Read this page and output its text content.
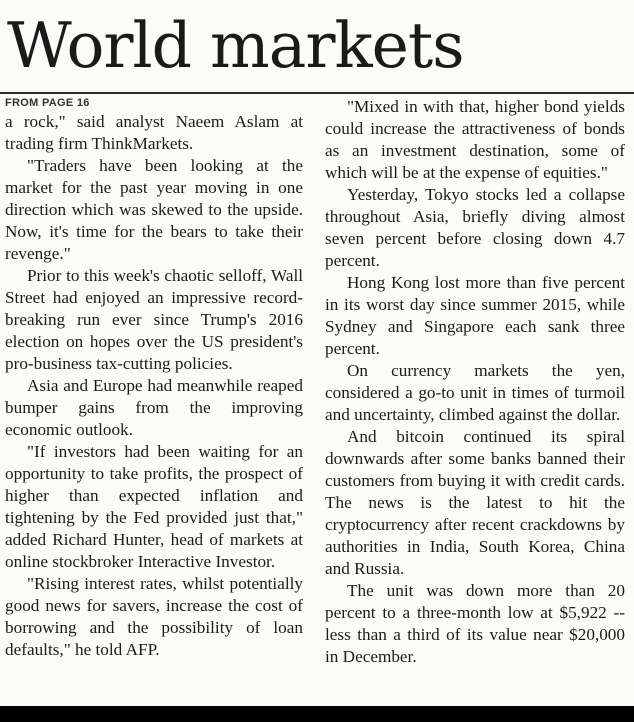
World markets
FROM PAGE 16

a rock," said analyst Naeem Aslam at trading firm ThinkMarkets.

"Traders have been looking at the market for the past year moving in one direction which was skewed to the upside. Now, it's time for the bears to take their revenge."

Prior to this week's chaotic selloff, Wall Street had enjoyed an impressive record-breaking run ever since Trump's 2016 election on hopes over the US president's pro-business tax-cutting policies.

Asia and Europe had meanwhile reaped bumper gains from the improving economic outlook.

"If investors had been waiting for an opportunity to take profits, the prospect of higher than expected inflation and tightening by the Fed provided just that," added Richard Hunter, head of markets at online stockbroker Interactive Investor.

"Rising interest rates, whilst potentially good news for savers, increase the cost of borrowing and the possibility of loan defaults," he told AFP.

"Mixed in with that, higher bond yields could increase the attractiveness of bonds as an investment destination, some of which will be at the expense of equities."

Yesterday, Tokyo stocks led a collapse throughout Asia, briefly diving almost seven percent before closing down 4.7 percent.

Hong Kong lost more than five percent in its worst day since summer 2015, while Sydney and Singapore each sank three percent.

On currency markets the yen, considered a go-to unit in times of turmoil and uncertainty, climbed against the dollar.

And bitcoin continued its spiral downwards after some banks banned their customers from buying it with credit cards. The news is the latest to hit the cryptocurrency after recent crackdowns by authorities in India, South Korea, China and Russia.

The unit was down more than 20 percent to a three-month low at $5,922 -- less than a third of its value near $20,000 in December.
